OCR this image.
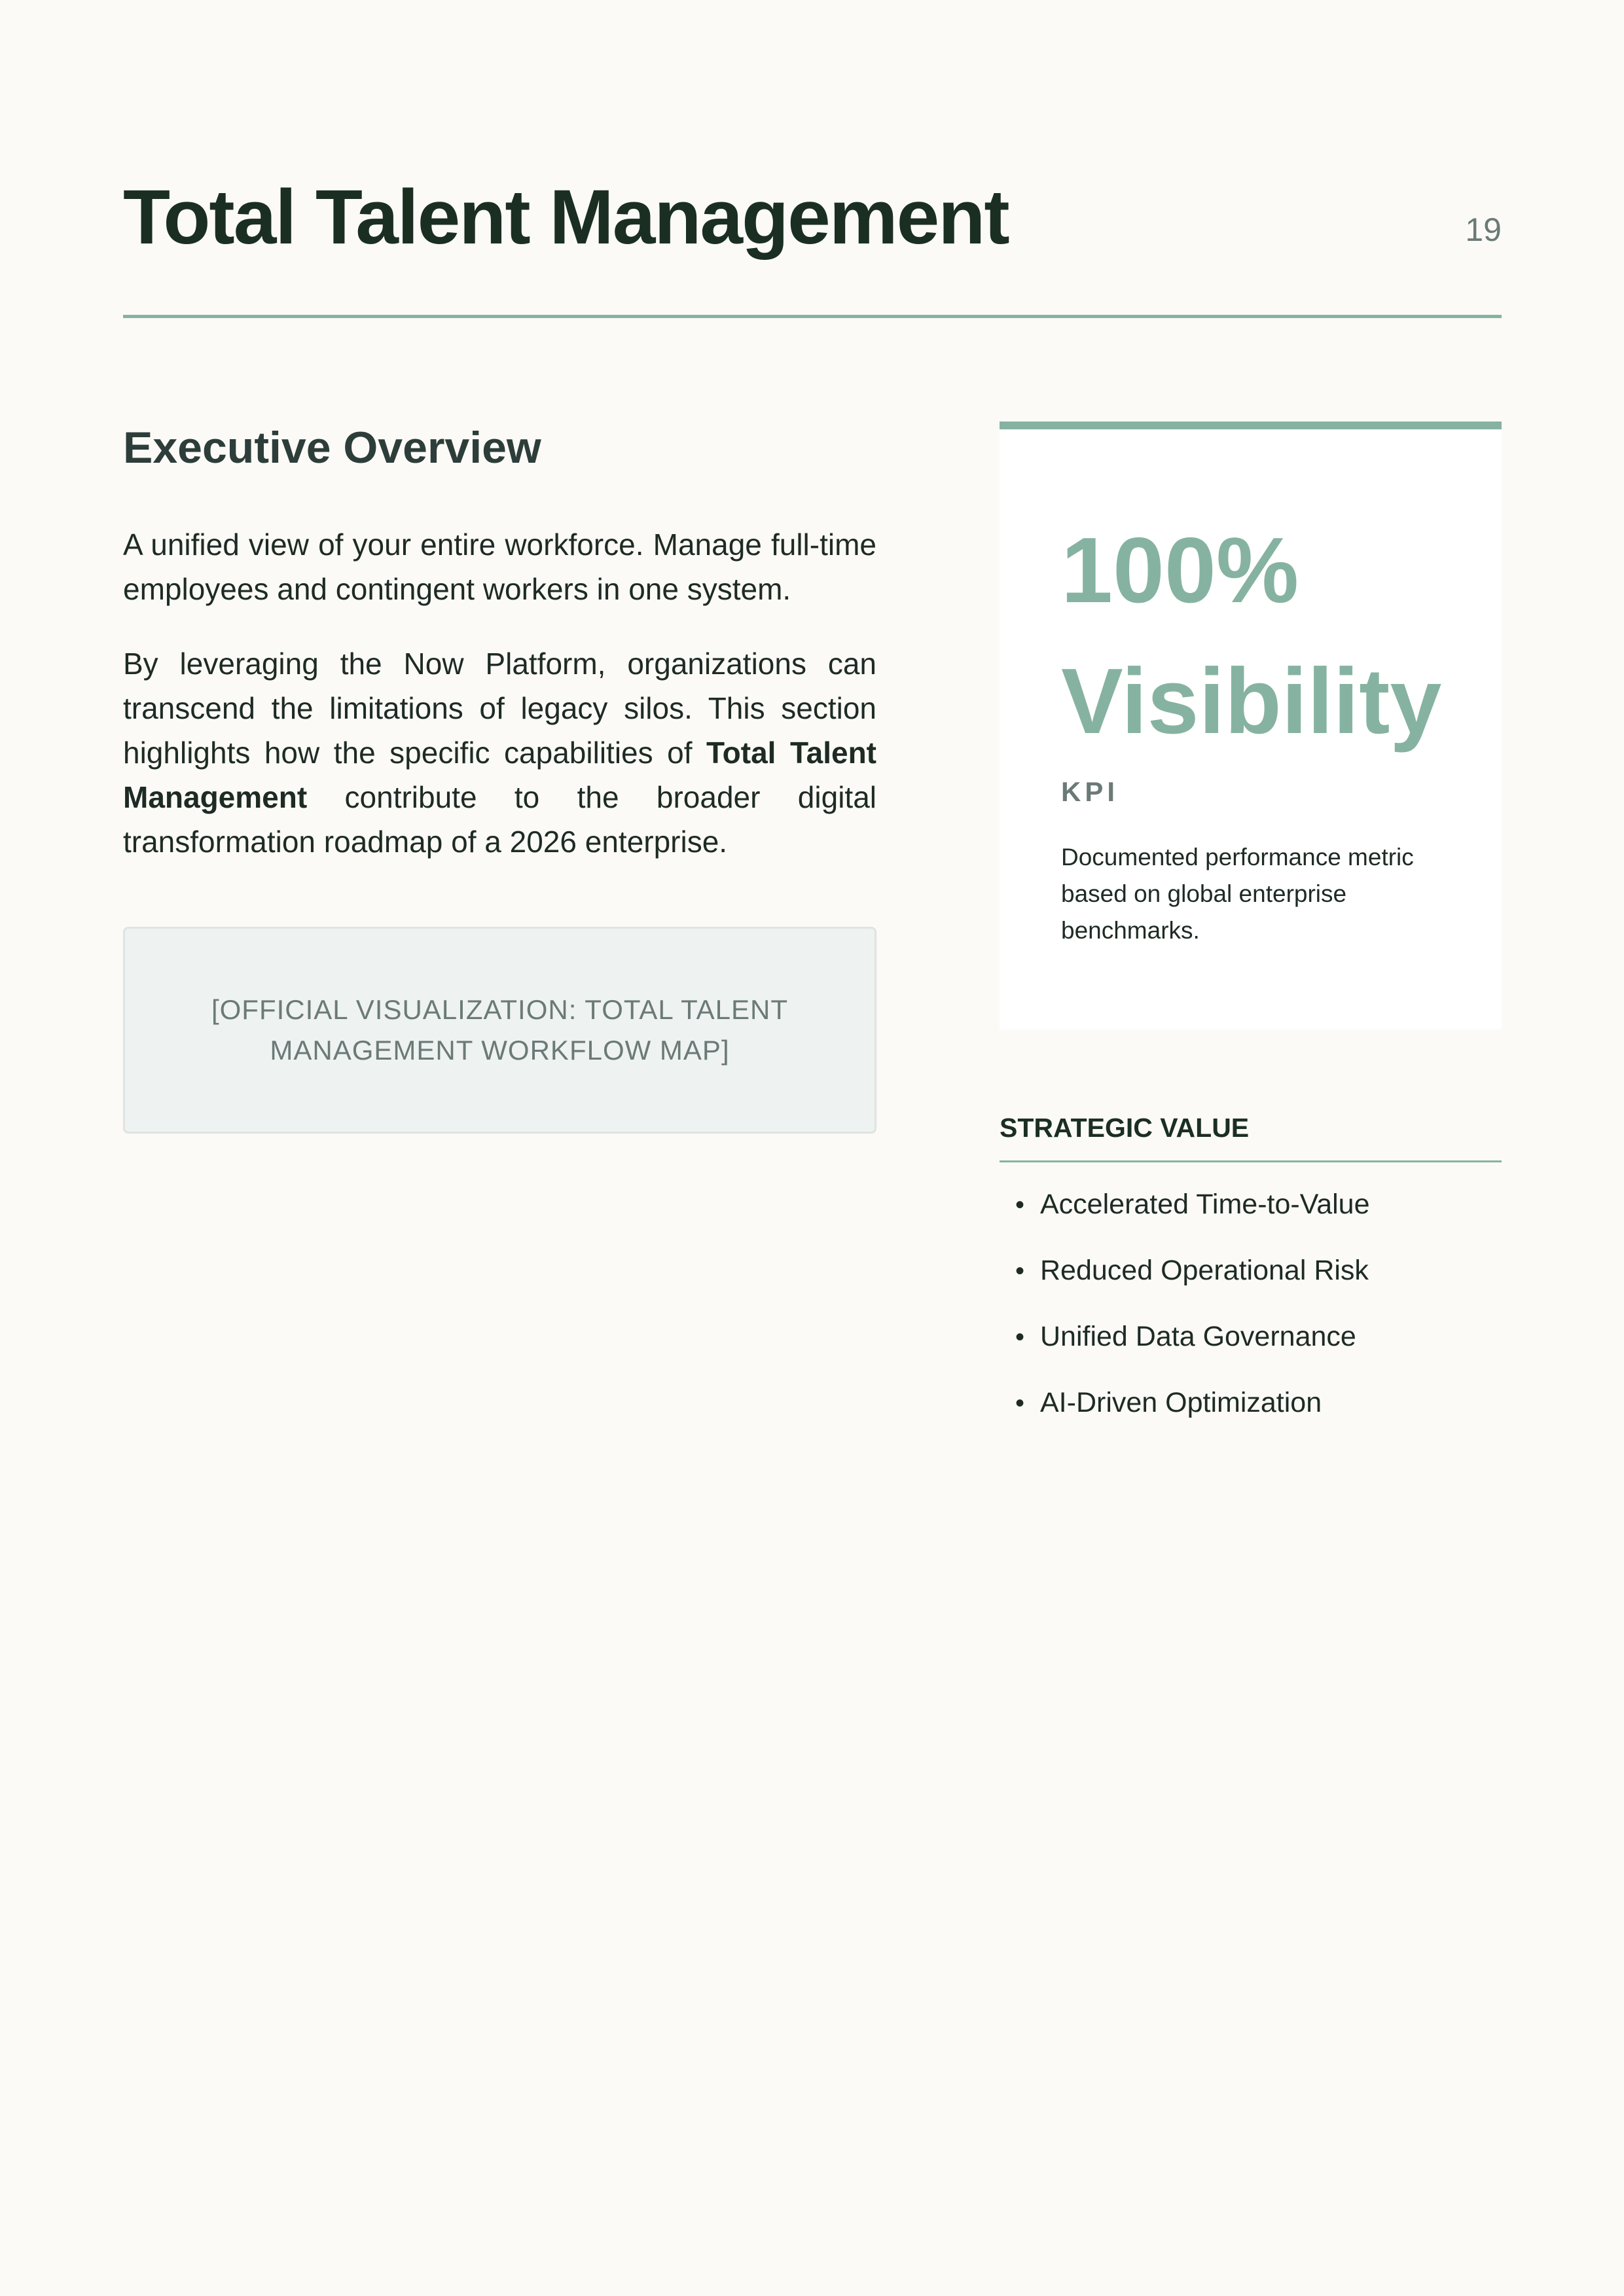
Total Talent Management	19
Executive Overview

A unified view of your entire workforce. Manage full-time employees and contingent workers in one system.

By leveraging the Now Platform, organizations can transcend the limitations of legacy silos. This section highlights how the specific capabilities of Total Talent Management contribute to the broader digital transformation roadmap of a 2026 enterprise.

[OFFICIAL VISUALIZATION: TOTAL TALENT MANAGEMENT WORKFLOW MAP]

100% Visibility

KPI

Documented performance metric based on global enterprise benchmarks.

STRATEGIC VALUE
• Accelerated Time-to-Value
• Reduced Operational Risk
• Unified Data Governance
• AI-Driven Optimization
